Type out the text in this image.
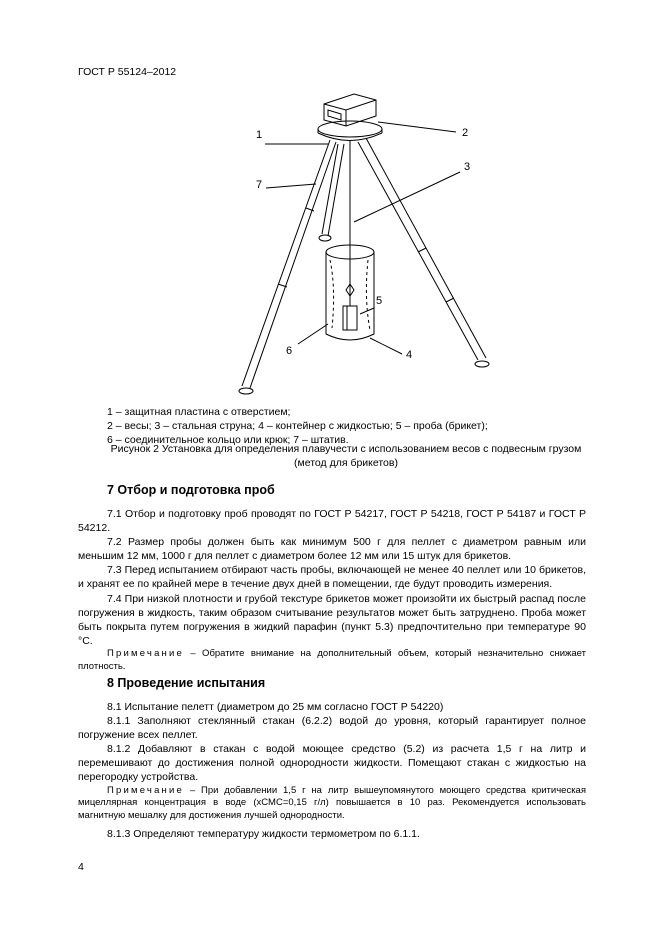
ГОСТ Р 55124–2012
1	2
3
7
5
6	4
1 – защитная пластина с отверстием;
2 – весы; 3 – стальная струна; 4 – контейнер с жидкостью; 5 – проба (брикет);
6 – соединительное кольцо или крюк; 7 – штатив.
Рисунок 2 Установка для определения плавучести с использованием весов с подвесным грузом
(метод для брикетов)
7 Отбор и подготовка проб

7.1 Отбор и подготовку проб проводят по ГОСТ Р 54217, ГОСТ Р 54218, ГОСТ Р 54187 и ГОСТ Р 54212.

7.2 Размер пробы должен быть как минимум 500 г для пеллет с диаметром равным или меньшим 12 мм, 1000 г для пеллет с диаметром более 12 мм или 15 штук для брикетов.

7.3 Перед испытанием отбирают часть пробы, включающей не менее 40 пеллет или 10 брикетов, и хранят ее по крайней мере в течение двух дней в помещении, где будут проводить измерения.

7.4 При низкой плотности и грубой текстуре брикетов может произойти их быстрый распад после погружения в жидкость, таким образом считывание результатов может быть затруднено. Проба может быть покрыта путем погружения в жидкий парафин (пункт 5.3) предпочтительно при температуре 90 °С.

Примечание – Обратите внимание на дополнительный объем, который незначительно снижает плотность.

8 Проведение испытания

8.1 Испытание пелетт (диаметром до 25 мм согласно ГОСТ Р 54220)

8.1.1 Заполняют стеклянный стакан (6.2.2) водой до уровня, который гарантирует полное погружение всех пеллет.

8.1.2 Добавляют в стакан с водой моющее средство (5.2) из расчета 1,5 г на литр и перемешивают до достижения полной однородности жидкости. Помещают стакан с жидкостью на перегородку устройства.

Примечание – При добавлении 1,5 г на литр вышеупомянутого моющего средства критическая мицеллярная концентрация в воде (хСМС=0,15 г/л) повышается в 10 раз. Рекомендуется использовать магнитную мешалку для достижения лучшей однородности.

8.1.3 Определяют температуру жидкости термометром по 6.1.1.

4
